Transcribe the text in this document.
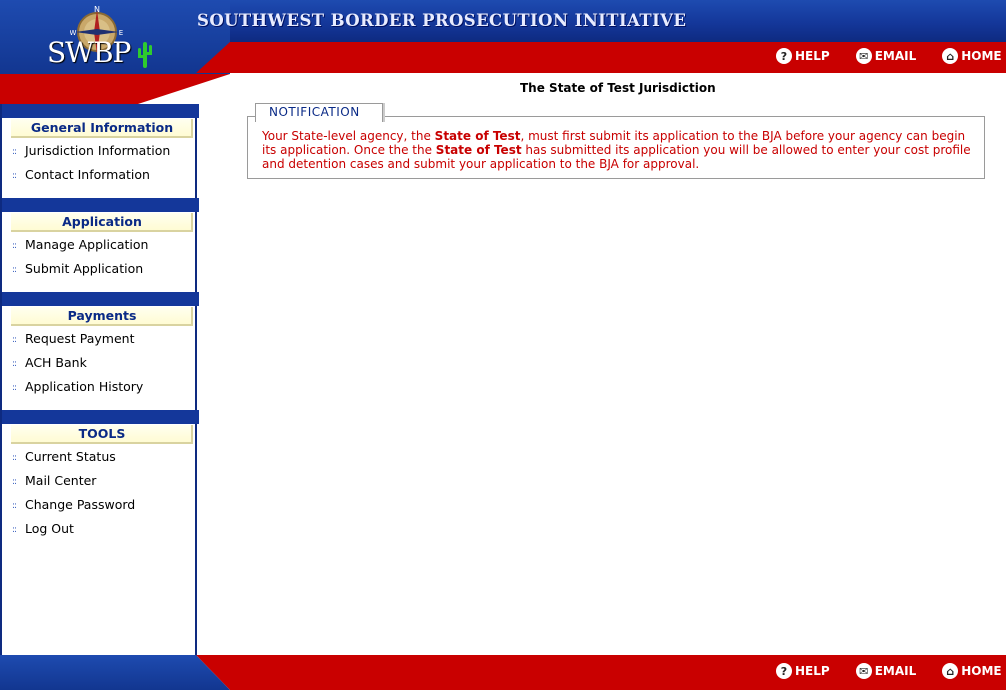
N
W	E
SWBP
SOUTHWEST BORDER PROSECUTION INITIATIVE
? HELP	✉ EMAIL	⌂ HOME
General Information
:: Jurisdiction Information
:: Contact Information
Application
:: Manage Application
:: Submit Application
Payments
:: Request Payment
:: ACH Bank
:: Application History
TOOLS
:: Current Status
:: Mail Center
:: Change Password
:: Log Out
The State of Test Jurisdiction
NOTIFICATION
Your State-level agency, the State of Test, must first submit its application to the BJA before your agency can begin its application. Once the the State of Test has submitted its application you will be allowed to enter your cost profile and detention cases and submit your application to the BJA for approval.
? HELP	✉ EMAIL	⌂ HOME
